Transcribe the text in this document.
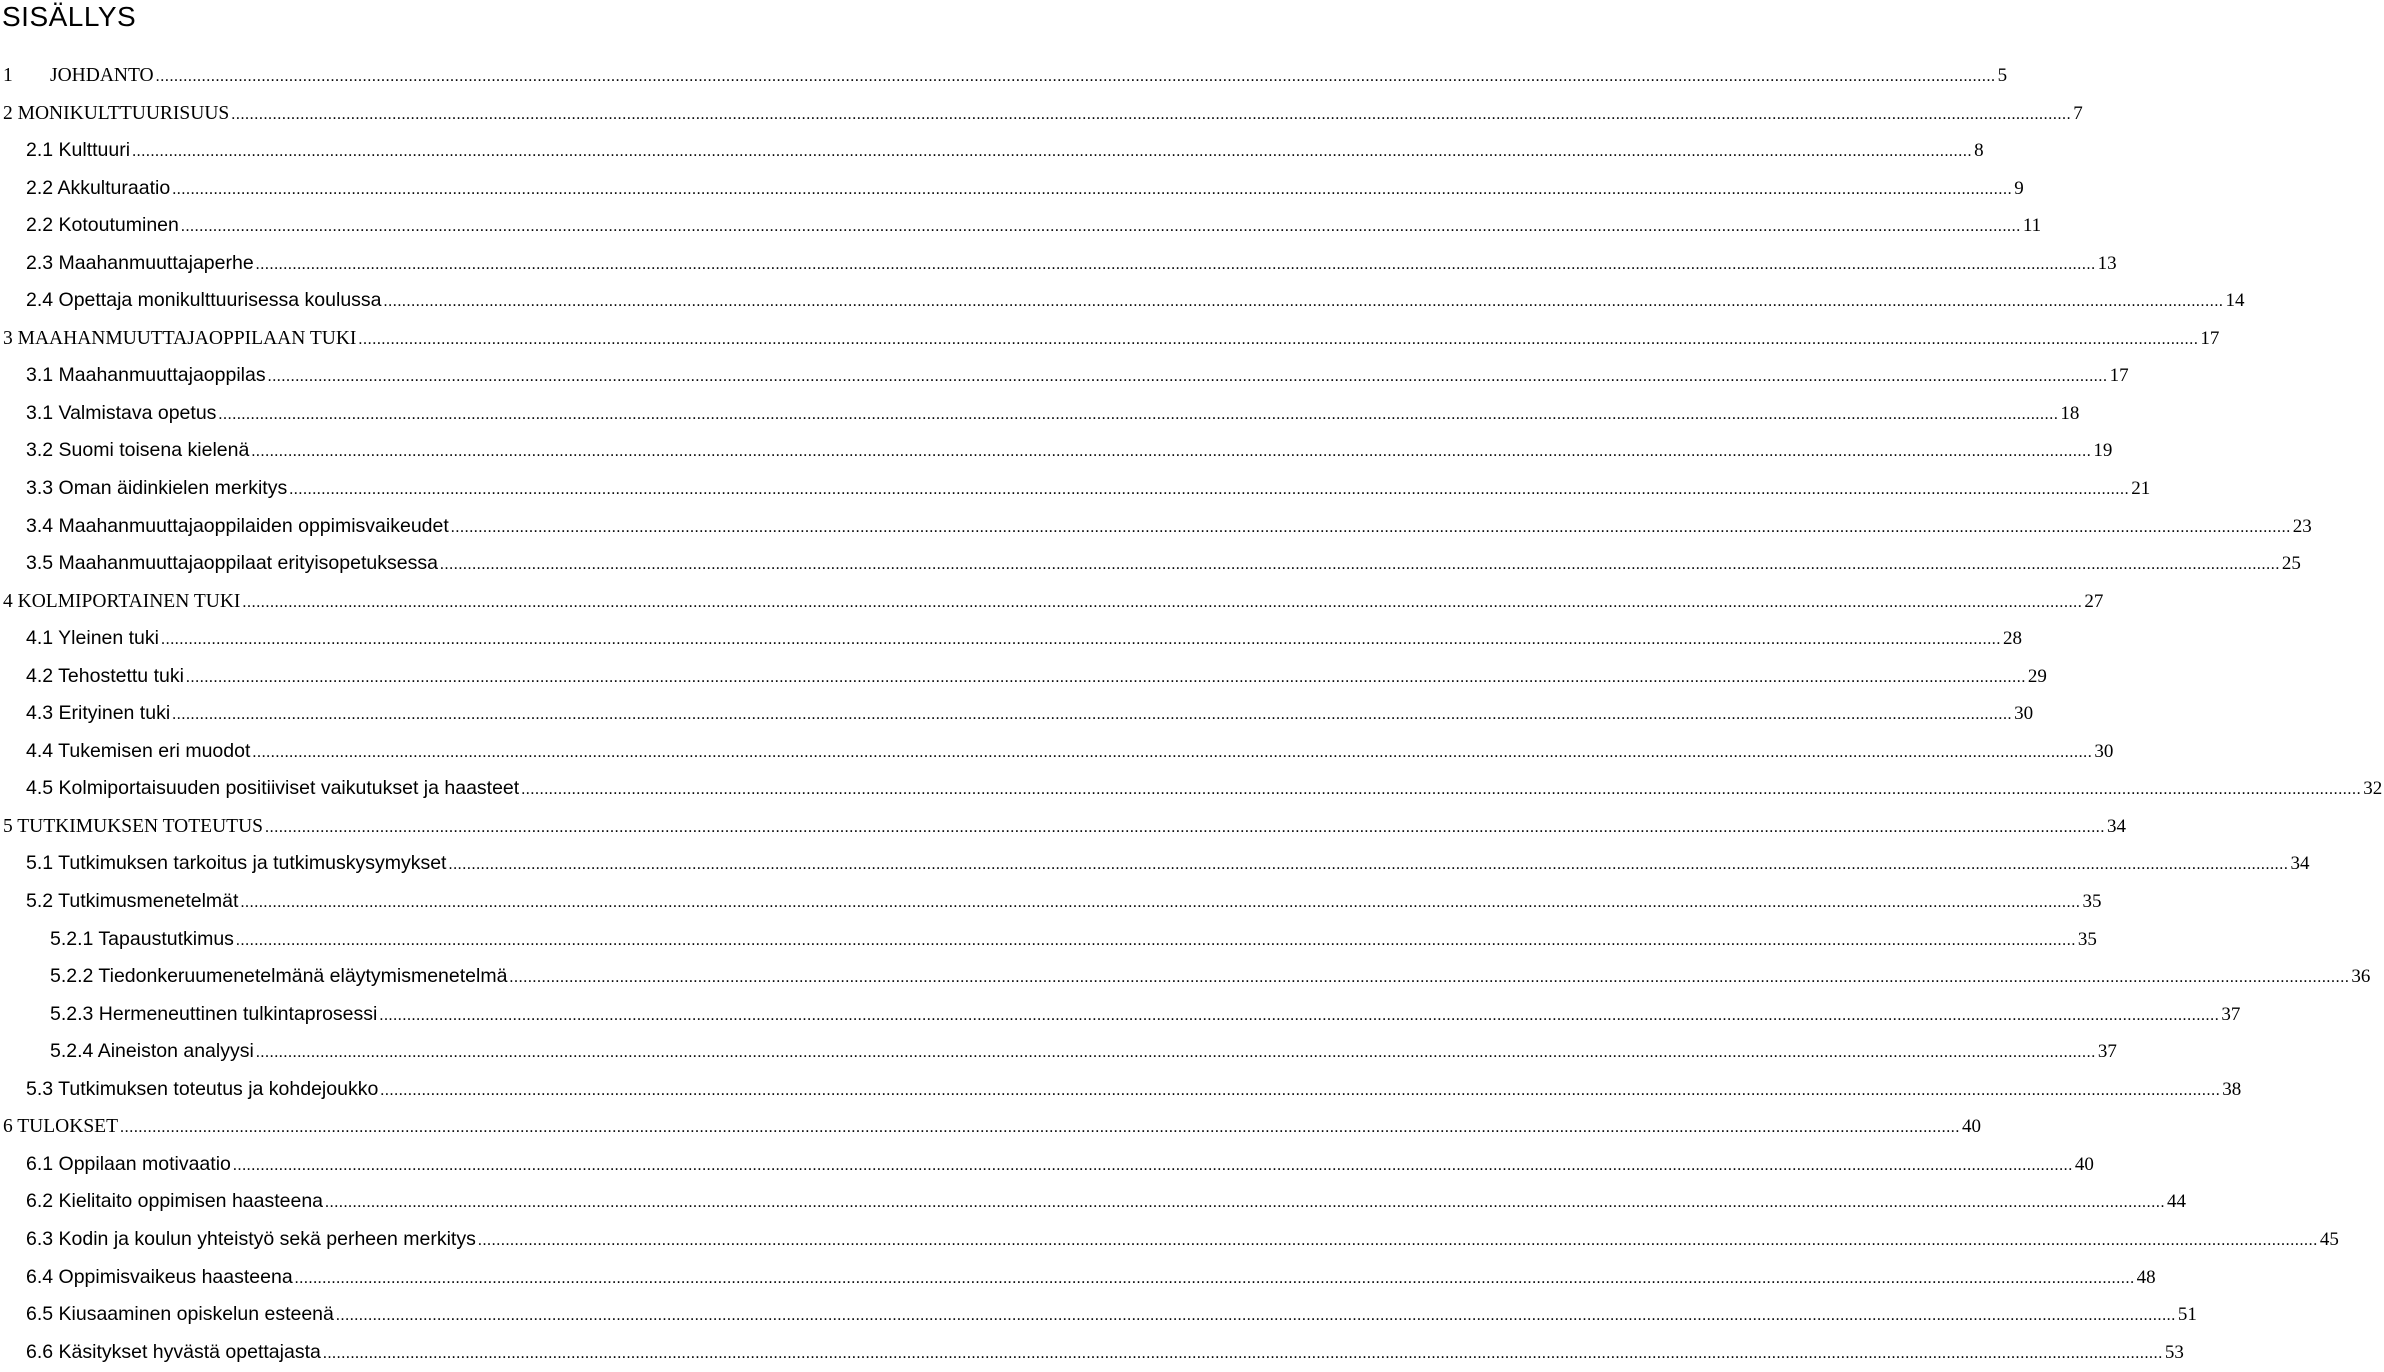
SISÄLLYS
1 JOHDANTO ................................................................................................................................................................................................................................................................................................................................................................................................................ 5
2 MONIKULTTUURISUUS ................................................................................................................................................................................................................................................................................................................................................................................................................ 7
2.1 Kulttuuri ................................................................................................................................................................................................................................................................................................................................................................................................................ 8
2.2 Akkulturaatio ................................................................................................................................................................................................................................................................................................................................................................................................................ 9
2.2 Kotoutuminen ................................................................................................................................................................................................................................................................................................................................................................................................................ 11
2.3 Maahanmuuttajaperhe ................................................................................................................................................................................................................................................................................................................................................................................................................ 13
2.4 Opettaja monikulttuurisessa koulussa ................................................................................................................................................................................................................................................................................................................................................................................................................ 14
3 MAAHANMUUTTAJAOPPILAAN TUKI ................................................................................................................................................................................................................................................................................................................................................................................................................ 17
3.1 Maahanmuuttajaoppilas ................................................................................................................................................................................................................................................................................................................................................................................................................ 17
3.1 Valmistava opetus ................................................................................................................................................................................................................................................................................................................................................................................................................ 18
3.2 Suomi toisena kielenä ................................................................................................................................................................................................................................................................................................................................................................................................................ 19
3.3 Oman äidinkielen merkitys ................................................................................................................................................................................................................................................................................................................................................................................................................ 21
3.4 Maahanmuuttajaoppilaiden oppimisvaikeudet ................................................................................................................................................................................................................................................................................................................................................................................................................ 23
3.5 Maahanmuuttajaoppilaat erityisopetuksessa ................................................................................................................................................................................................................................................................................................................................................................................................................ 25
4 KOLMIPORTAINEN TUKI ................................................................................................................................................................................................................................................................................................................................................................................................................ 27
4.1 Yleinen tuki ................................................................................................................................................................................................................................................................................................................................................................................................................ 28
4.2 Tehostettu tuki ................................................................................................................................................................................................................................................................................................................................................................................................................ 29
4.3 Erityinen tuki ................................................................................................................................................................................................................................................................................................................................................................................................................ 30
4.4 Tukemisen eri muodot ................................................................................................................................................................................................................................................................................................................................................................................................................ 30
4.5 Kolmiportaisuuden positiiviset vaikutukset ja haasteet ................................................................................................................................................................................................................................................................................................................................................................................................................ 32
5 TUTKIMUKSEN TOTEUTUS ................................................................................................................................................................................................................................................................................................................................................................................................................ 34
5.1 Tutkimuksen tarkoitus ja tutkimuskysymykset ................................................................................................................................................................................................................................................................................................................................................................................................................ 34
5.2 Tutkimusmenetelmät ................................................................................................................................................................................................................................................................................................................................................................................................................ 35
5.2.1 Tapaustutkimus ................................................................................................................................................................................................................................................................................................................................................................................................................ 35
5.2.2 Tiedonkeruumenetelmänä eläytymismenetelmä ................................................................................................................................................................................................................................................................................................................................................................................................................ 36
5.2.3 Hermeneuttinen tulkintaprosessi ................................................................................................................................................................................................................................................................................................................................................................................................................ 37
5.2.4 Aineiston analyysi ................................................................................................................................................................................................................................................................................................................................................................................................................ 37
5.3 Tutkimuksen toteutus ja kohdejoukko ................................................................................................................................................................................................................................................................................................................................................................................................................ 38
6 TULOKSET ................................................................................................................................................................................................................................................................................................................................................................................................................ 40
6.1 Oppilaan motivaatio ................................................................................................................................................................................................................................................................................................................................................................................................................ 40
6.2 Kielitaito oppimisen haasteena ................................................................................................................................................................................................................................................................................................................................................................................................................ 44
6.3 Kodin ja koulun yhteistyö sekä perheen merkitys ................................................................................................................................................................................................................................................................................................................................................................................................................ 45
6.4 Oppimisvaikeus haasteena ................................................................................................................................................................................................................................................................................................................................................................................................................ 48
6.5 Kiusaaminen opiskelun esteenä ................................................................................................................................................................................................................................................................................................................................................................................................................ 51
6.6 Käsitykset hyvästä opettajasta ................................................................................................................................................................................................................................................................................................................................................................................................................ 53
